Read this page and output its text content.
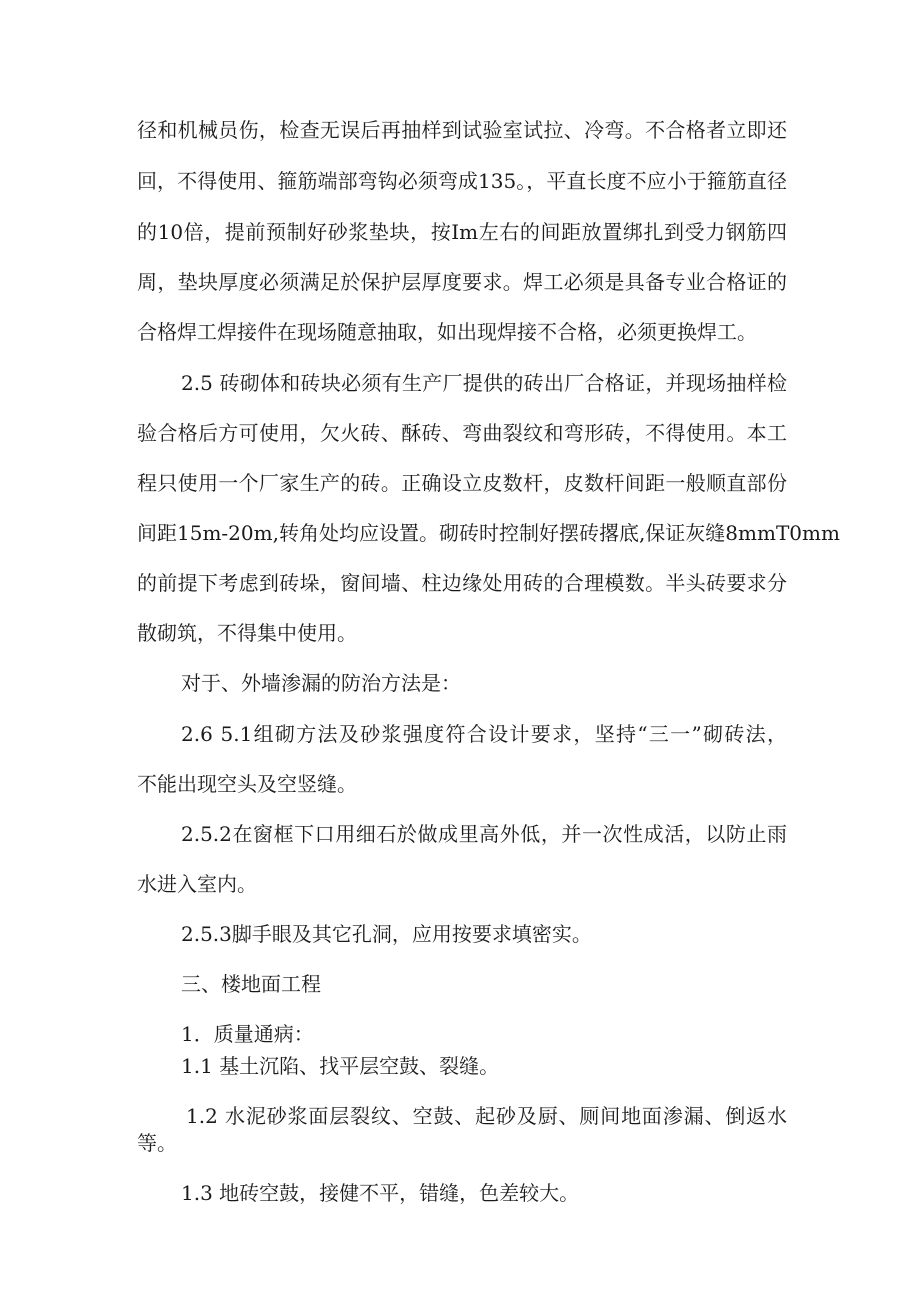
径和机械员伤，检查无误后再抽样到试验室试拉、冷弯。不合格者立即还
回，不得使用、箍筋端部弯钩必须弯成135。，平直长度不应小于箍筋直径
的10倍，提前预制好砂浆垫块，按Im左右的间距放置绑扎到受力钢筋四
周，垫块厚度必须满足於保护层厚度要求。焊工必须是具备专业合格证的
合格焊工焊接件在现场随意抽取，如出现焊接不合格，必须更换焊工。
2.5 砖砌体和砖块必须有生产厂提供的砖出厂合格证，并现场抽样检
验合格后方可使用，欠火砖、酥砖、弯曲裂纹和弯形砖，不得使用。本工
程只使用一个厂家生产的砖。正确设立皮数杆，皮数杆间距一般顺直部份
间距15m-20m,转角处均应设置。砌砖时控制好摆砖撂底,保证灰缝8mmT0mm
的前提下考虑到砖垛，窗间墙、柱边缘处用砖的合理模数。半头砖要求分
散砌筑，不得集中使用。
对于、外墙渗漏的防治方法是：
2.6 5.1组砌方法及砂浆强度符合设计要求，坚持“三一”砌砖法，
不能出现空头及空竖缝。
2.5.2在窗框下口用细石於做成里高外低，并一次性成活，以防止雨
水进入室内。
2.5.3脚手眼及其它孔洞，应用按要求填密实。
三、楼地面工程
1．质量通病：
1.1 基土沉陷、找平层空鼓、裂缝。
1.2 水泥砂浆面层裂纹、空鼓、起砂及厨、厕间地面渗漏、倒返水
等。
1.3 地砖空鼓，接健不平，错缝，色差较大。
